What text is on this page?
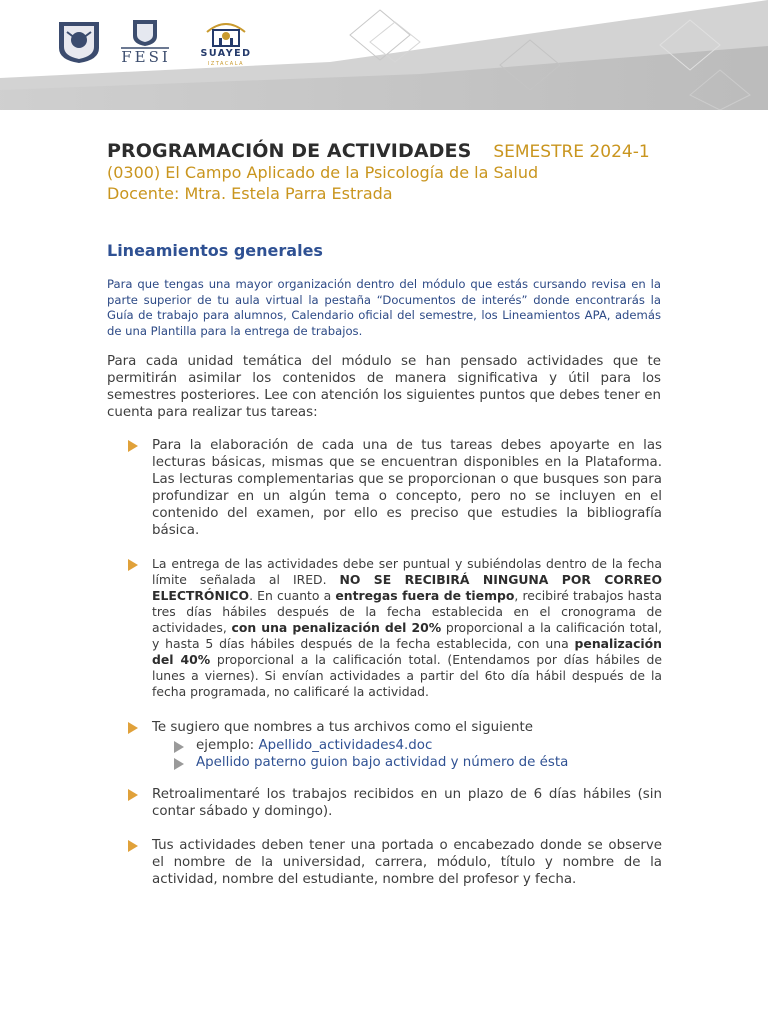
FESI	SUAYED
IZTACALA
PROGRAMACIÓN DE ACTIVIDADES SEMESTRE 2024-1
(0300) El Campo Aplicado de la Psicología de la Salud
Docente: Mtra. Estela Parra Estrada
Lineamientos generales
Para que tengas una mayor organización dentro del módulo que estás cursando revisa en la parte superior de tu aula virtual la pestaña “Documentos de interés” donde encontrarás la Guía de trabajo para alumnos, Calendario oficial del semestre, los Lineamientos APA, además de una Plantilla para la entrega de trabajos.
Para cada unidad temática del módulo se han pensado actividades que te permitirán asimilar los contenidos de manera significativa y útil para los semestres posteriores. Lee con atención los siguientes puntos que debes tener en cuenta para realizar tus tareas:
Para la elaboración de cada una de tus tareas debes apoyarte en las lecturas básicas, mismas que se encuentran disponibles en la Plataforma. Las lecturas complementarias que se proporcionan o que busques son para profundizar en un algún tema o concepto, pero no se incluyen en el contenido del examen, por ello es preciso que estudies la bibliografía básica.
La entrega de las actividades debe ser puntual y subiéndolas dentro de la fecha límite señalada al IRED. NO SE RECIBIRÁ NINGUNA POR CORREO ELECTRÓNICO. En cuanto a entregas fuera de tiempo, recibiré trabajos hasta tres días hábiles después de la fecha establecida en el cronograma de actividades, con una penalización del 20% proporcional a la calificación total, y hasta 5 días hábiles después de la fecha establecida, con una penalización del 40% proporcional a la calificación total. (Entendamos por días hábiles de lunes a viernes). Si envían actividades a partir del 6to día hábil después de la fecha programada, no calificaré la actividad.
Te sugiero que nombres a tus archivos como el siguiente
ejemplo: Apellido_actividades4.doc
Apellido paterno guion bajo actividad y número de ésta
Retroalimentaré los trabajos recibidos en un plazo de 6 días hábiles (sin contar sábado y domingo).
Tus actividades deben tener una portada o encabezado donde se observe el nombre de la universidad, carrera, módulo, título y nombre de la actividad, nombre del estudiante, nombre del profesor y fecha.
